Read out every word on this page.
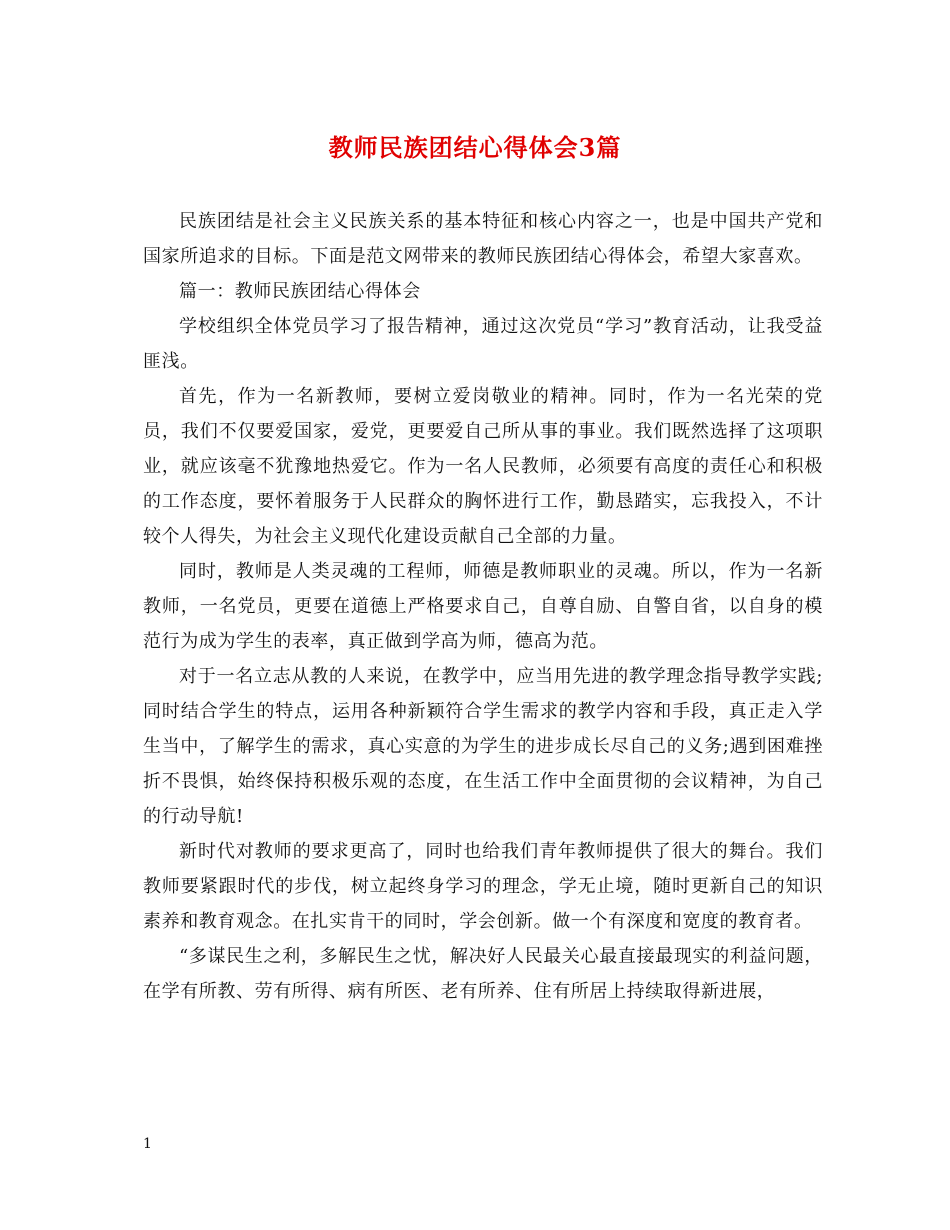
教师民族团结心得体会3篇

民族团结是社会主义民族关系的基本特征和核心内容之一，也是中国共产党和国家所追求的目标。下面是范文网带来的教师民族团结心得体会，希望大家喜欢。

篇一：教师民族团结心得体会

学校组织全体党员学习了报告精神，通过这次党员“学习”教育活动，让我受益匪浅。

首先，作为一名新教师，要树立爱岗敬业的精神。同时，作为一名光荣的党员，我们不仅要爱国家，爱党，更要爱自己所从事的事业。我们既然选择了这项职业，就应该毫不犹豫地热爱它。作为一名人民教师，必须要有高度的责任心和积极的工作态度，要怀着服务于人民群众的胸怀进行工作，勤恳踏实，忘我投入，不计较个人得失，为社会主义现代化建设贡献自己全部的力量。

同时，教师是人类灵魂的工程师，师德是教师职业的灵魂。所以，作为一名新教师，一名党员，更要在道德上严格要求自己，自尊自励、自警自省，以自身的模范行为成为学生的表率，真正做到学高为师，德高为范。

对于一名立志从教的人来说，在教学中，应当用先进的教学理念指导教学实践;同时结合学生的特点，运用各种新颖符合学生需求的教学内容和手段，真正走入学生当中，了解学生的需求，真心实意的为学生的进步成长尽自己的义务;遇到困难挫折不畏惧，始终保持积极乐观的态度，在生活工作中全面贯彻的会议精神，为自己的行动导航!

新时代对教师的要求更高了，同时也给我们青年教师提供了很大的舞台。我们教师要紧跟时代的步伐，树立起终身学习的理念，学无止境，随时更新自己的知识素养和教育观念。在扎实肯干的同时，学会创新。做一个有深度和宽度的教育者。

“多谋民生之利，多解民生之忧，解决好人民最关心最直接最现实的利益问题，在学有所教、劳有所得、病有所医、老有所养、住有所居上持续取得新进展，

1
